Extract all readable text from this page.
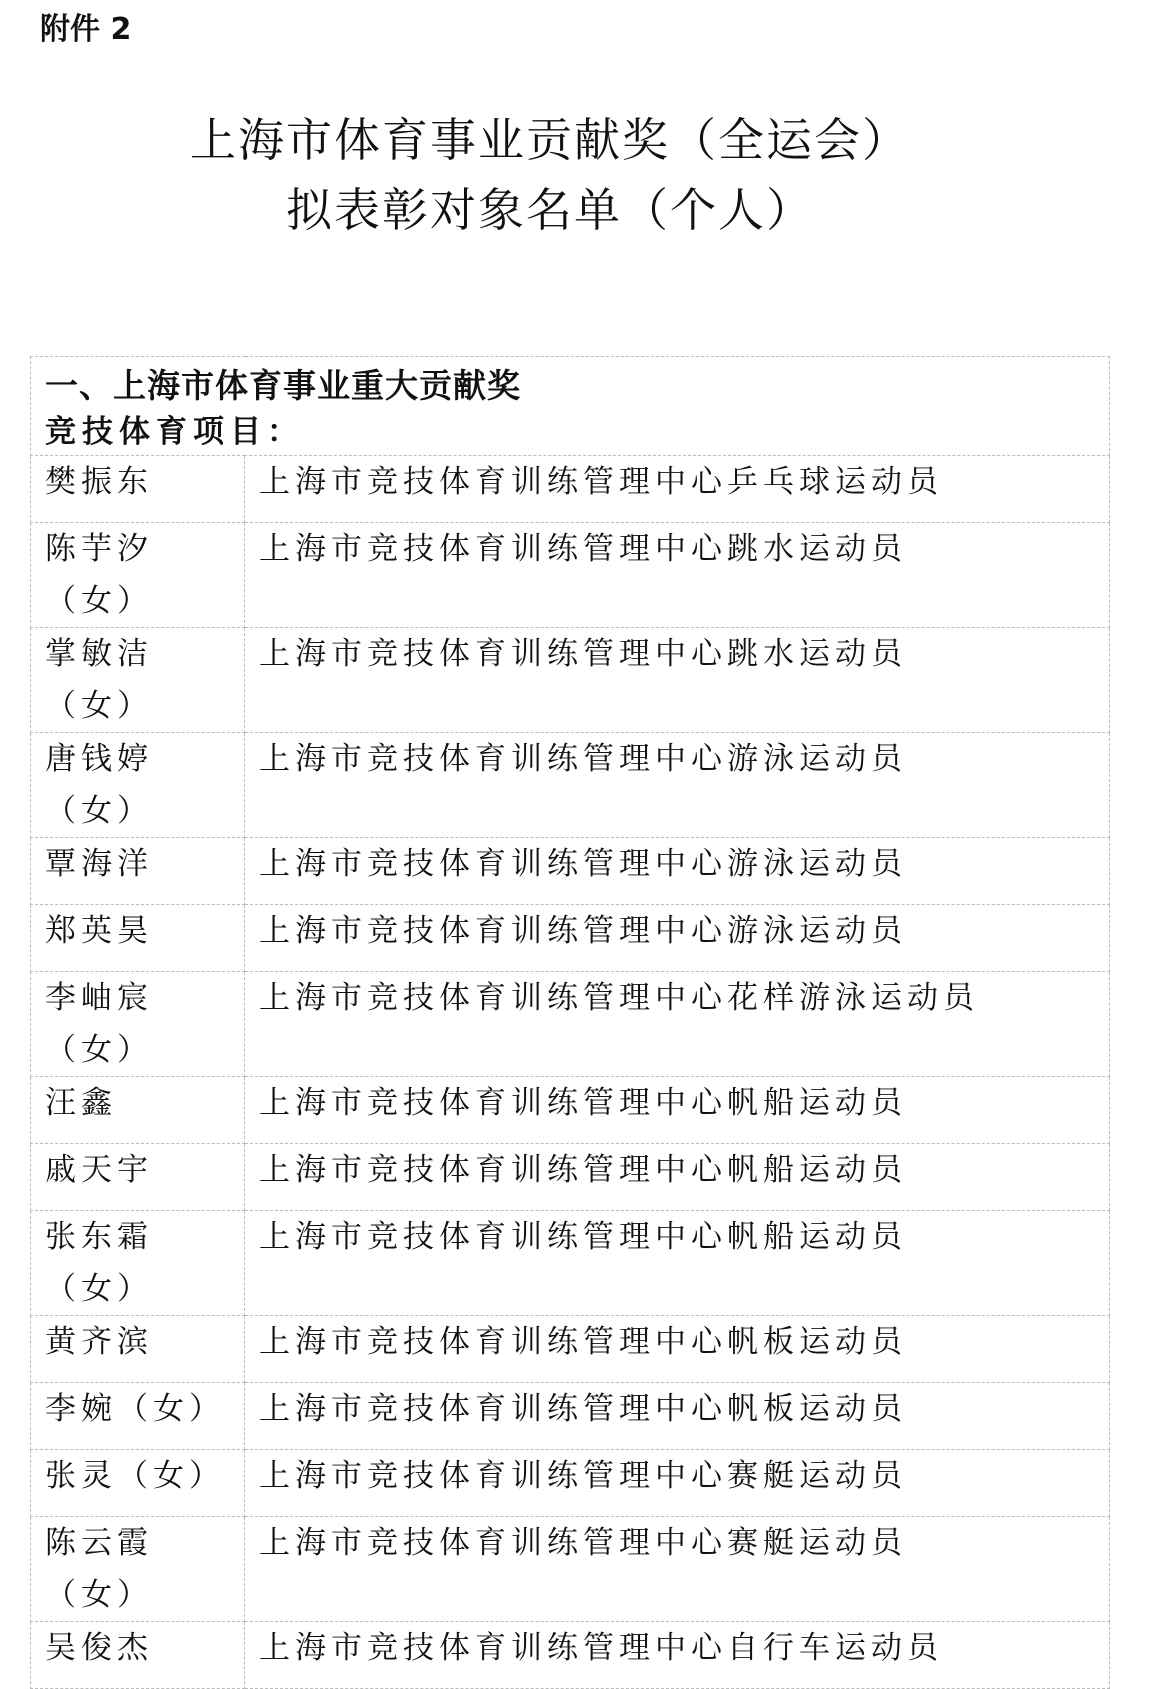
附件 2
上海市体育事业贡献奖（全运会）
拟表彰对象名单（个人）
一、上海市体育事业重大贡献奖
竞技体育项目：	

樊振东	上海市竞技体育训练管理中心乒乓球运动员
陈芋汐（女）	上海市竞技体育训练管理中心跳水运动员
掌敏洁（女）	上海市竞技体育训练管理中心跳水运动员
唐钱婷（女）	上海市竞技体育训练管理中心游泳运动员
覃海洋	上海市竞技体育训练管理中心游泳运动员
郑英昊	上海市竞技体育训练管理中心游泳运动员
李岫宸（女）	上海市竞技体育训练管理中心花样游泳运动员
汪鑫	上海市竞技体育训练管理中心帆船运动员
戚天宇	上海市竞技体育训练管理中心帆船运动员
张东霜（女）	上海市竞技体育训练管理中心帆船运动员
黄齐滨	上海市竞技体育训练管理中心帆板运动员
李婉（女）	上海市竞技体育训练管理中心帆板运动员
张灵（女）	上海市竞技体育训练管理中心赛艇运动员
陈云霞（女）	上海市竞技体育训练管理中心赛艇运动员
吴俊杰	上海市竞技体育训练管理中心自行车运动员
